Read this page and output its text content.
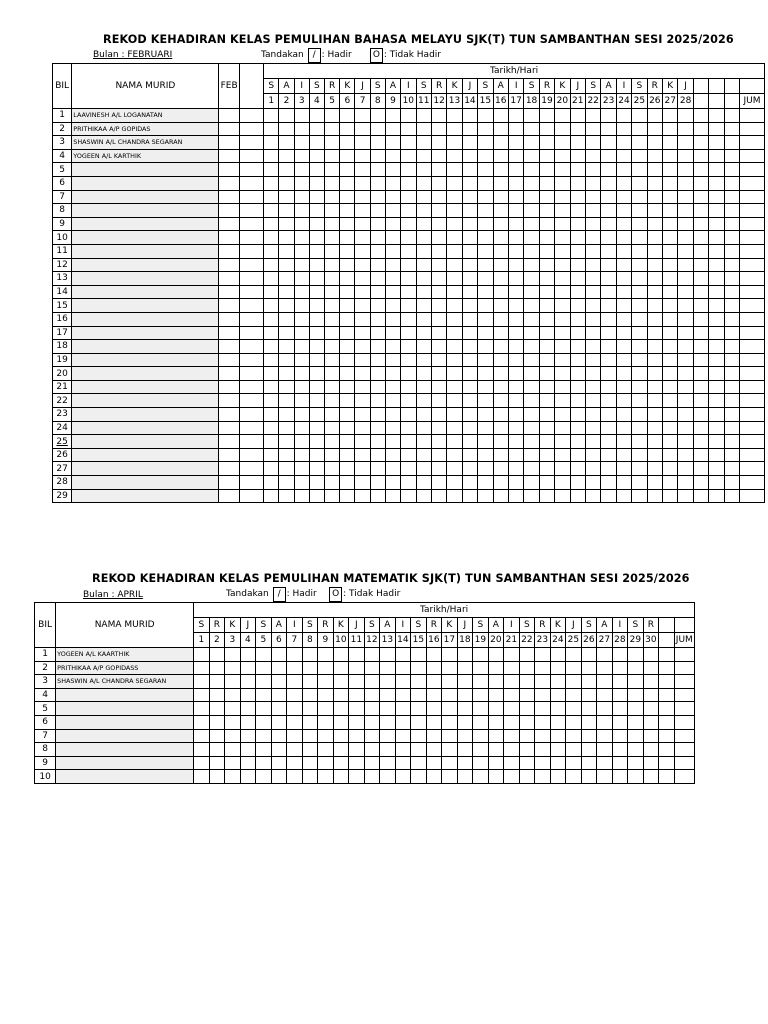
REKOD KEHADIRAN KELAS PEMULIHAN BAHASA MELAYU SJK(T) TUN SAMBANTHAN SESI 2025/2026
Bulan : FEBRUARI	Tandakan / : Hadir O : Tidak Hadir
BIL	NAMA MURID	FEB		Tarikh/Hari																															
				S	A	I	S	R	K	J	S	A	I	S	R	K	J	S	A	I	S	R	K	J	S	A	I	S	R	K	J				
				1	2	3	4	5	6	7	8	9	10	11	12	13	14	15	16	17	18	19	20	21	22	23	24	25	26	27	28				JUM
1	LAAVINESH A/L LOGANATAN																																		
2	PRITHIKAA A/P GOPIDAS																																		
3	SHASWIN A/L CHANDRA SEGARAN																																		
4	YOGEEN A/L KARTHIK																																		
5																																			
6																																			
7																																			
8																																			
9																																			
10																																			
11																																			
12																																			
13																																			
14																																			
15																																			
16																																			
17																																			
18																																			
19																																			
20																																			
21																																			
22																																			
23																																			
24																																			
25																																			
26																																			
27																																			
28																																			
29																																			
REKOD KEHADIRAN KELAS PEMULIHAN MATEMATIK SJK(T) TUN SAMBANTHAN SESI 2025/2026
Bulan : APRIL	Tandakan / : Hadir O : Tidak Hadir
BIL	NAMA MURID	Tarikh/Hari																															
		S	R	K	J	S	A	I	S	R	K	J	S	A	I	S	R	K	J	S	A	I	S	R	K	J	S	A	I	S	R		
		1	2	3	4	5	6	7	8	9	10	11	12	13	14	15	16	17	18	19	20	21	22	23	24	25	26	27	28	29	30		JUM
1	YOGEEN A/L KAARTHIK																																
2	PRITHIKAA A/P GOPIDASS																																
3	SHASWIN A/L CHANDRA SEGARAN																																
4																																	
5																																	
6																																	
7																																	
8																																	
9																																	
10																																	
